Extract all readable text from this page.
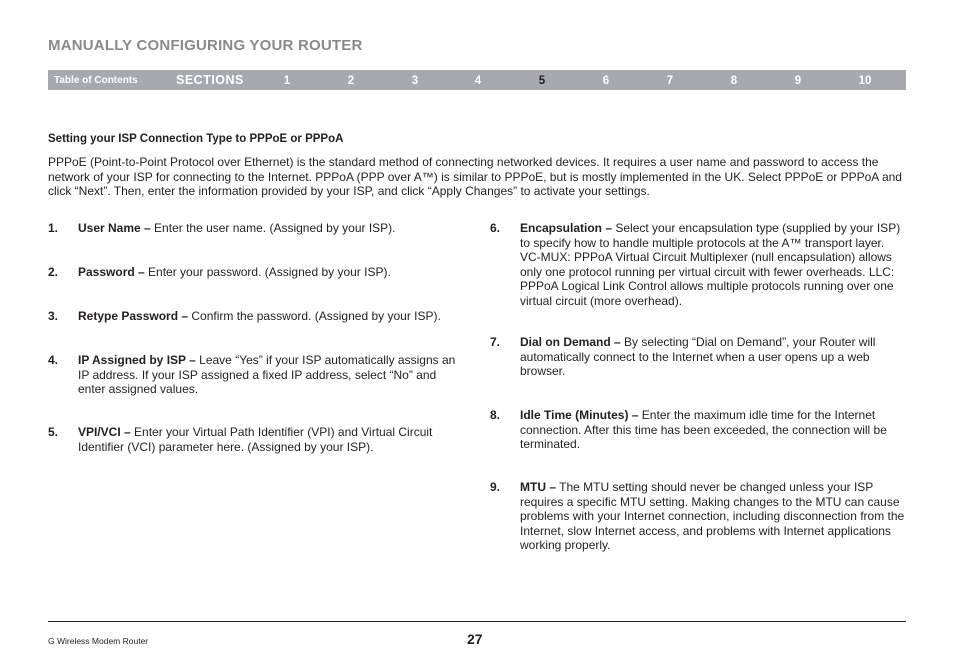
MANUALLY CONFIGURING YOUR ROUTER
Table of Contents	SECTIONS	1	2	3	4	5	6	7	8	9	10
Setting your ISP Connection Type to PPPoE or PPPoA

PPPoE (Point-to-Point Protocol over Ethernet) is the standard method of connecting networked devices. It requires a user name and password to access the network of your ISP for connecting to the Internet. PPPoA (PPP over A™) is similar to PPPoE, but is mostly implemented in the UK. Select PPPoE or PPPoA and click “Next”. Then, enter the information provided by your ISP, and click “Apply Changes” to activate your settings.

1. User Name – Enter the user name. (Assigned by your ISP).
2. Password – Enter your password. (Assigned by your ISP).
3. Retype Password – Confirm the password. (Assigned by your ISP).
4. IP Assigned by ISP – Leave “Yes” if your ISP automatically assigns an IP address. If your ISP assigned a fixed IP address, select “No” and enter assigned values.
5. VPI/VCI – Enter your Virtual Path Identifier (VPI) and Virtual Circuit Identifier (VCI) parameter here. (Assigned by your ISP).
6. Encapsulation – Select your encapsulation type (supplied by your ISP) to specify how to handle multiple protocols at the A™ transport layer. VC-MUX: PPPoA Virtual Circuit Multiplexer (null encapsulation) allows only one protocol running per virtual circuit with fewer overheads. LLC: PPPoA Logical Link Control allows multiple protocols running over one virtual circuit (more overhead).
7. Dial on Demand – By selecting “Dial on Demand”, your Router will automatically connect to the Internet when a user opens up a web browser.
8. Idle Time (Minutes) – Enter the maximum idle time for the Internet connection. After this time has been exceeded, the connection will be terminated.
9. MTU – The MTU setting should never be changed unless your ISP requires a specific MTU setting. Making changes to the MTU can cause problems with your Internet connection, including disconnection from the Internet, slow Internet access, and problems with Internet applications working properly.
G Wireless Modem Router	27
